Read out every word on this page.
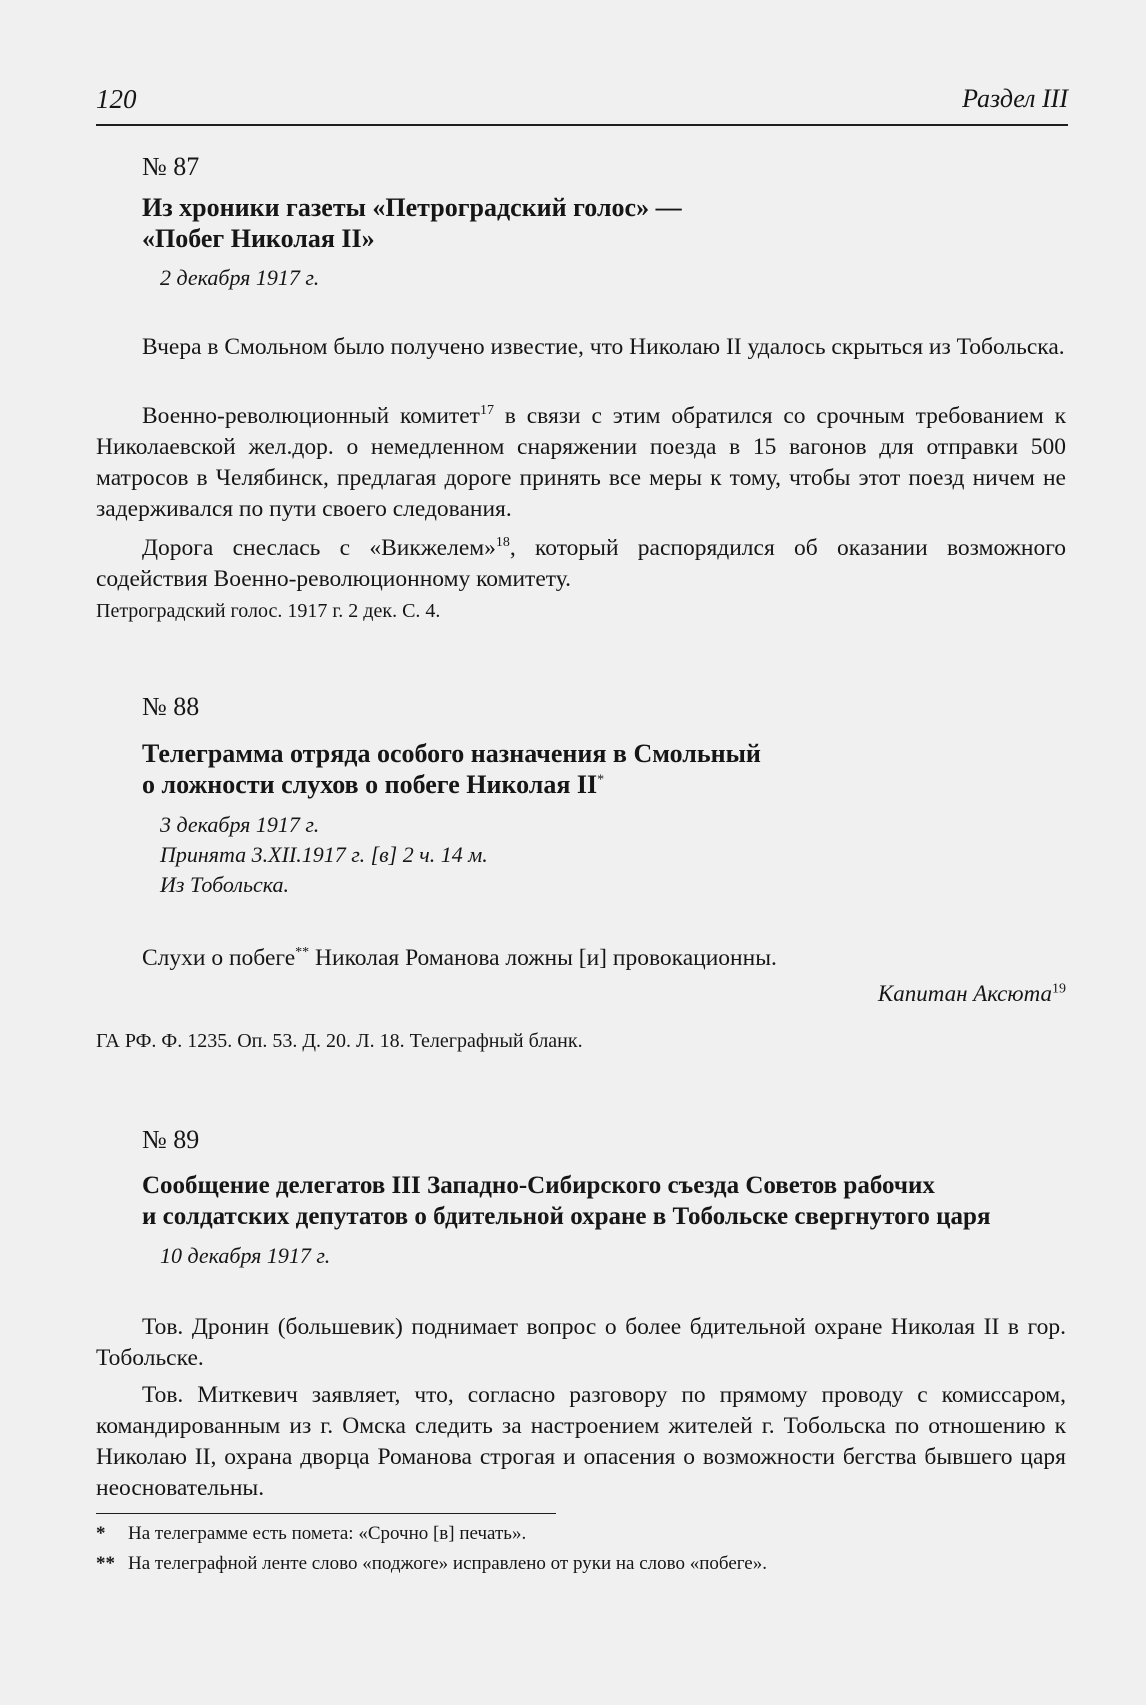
120	Раздел III
№ 87
Из хроники газеты «Петроградский голос» —
«Побег Николая II»
2 декабря 1917 г.

Вчера в Смольном было получено известие, что Николаю II удалось скрыться из Тобольска.

Военно-революционный комитет$^{17}$ в связи с этим обратился со срочным требованием к Николаевской жел.дор. о немедленном снаряжении поезда в 15 вагонов для отправки 500 матросов в Челябинск, предлагая дороге принять все меры к тому, чтобы этот поезд ничем не задерживался по пути своего следования.

Дорога снеслась с «Викжелем»$^{18}$, который распорядился об оказании возможного содействия Военно-революционному комитету.

Петроградский голос. 1917 г. 2 дек. С. 4.
№ 88
Телеграмма отряда особого назначения в Смольный
о ложности слухов о побеге Николая II*
3 декабря 1917 г.
Принята 3.XII.1917 г. [в] 2 ч. 14 м.
Из Тобольска.

Слухи о побеге** Николая Романова ложны [и] провокационны.

Капитан Аксюта$^{19}$
ГА РФ. Ф. 1235. Оп. 53. Д. 20. Л. 18. Телеграфный бланк.
№ 89
Сообщение делегатов III Западно-Сибирского съезда Советов рабочих
и солдатских депутатов о бдительной охране в Тобольске свергнутого царя
10 декабря 1917 г.

Тов. Дронин (большевик) поднимает вопрос о более бдительной охране Николая II в гор. Тобольске.

Тов. Миткевич заявляет, что, согласно разговору по прямому проводу с комиссаром, командированным из г. Омска следить за настроением жителей г. Тобольска по отношению к Николаю II, охрана дворца Романова строгая и опасения о возможности бегства бывшего царя неосновательны.

* На телеграмме есть помета: «Срочно [в] печать».
** На телеграфной ленте слово «поджоге» исправлено от руки на слово «побеге».
